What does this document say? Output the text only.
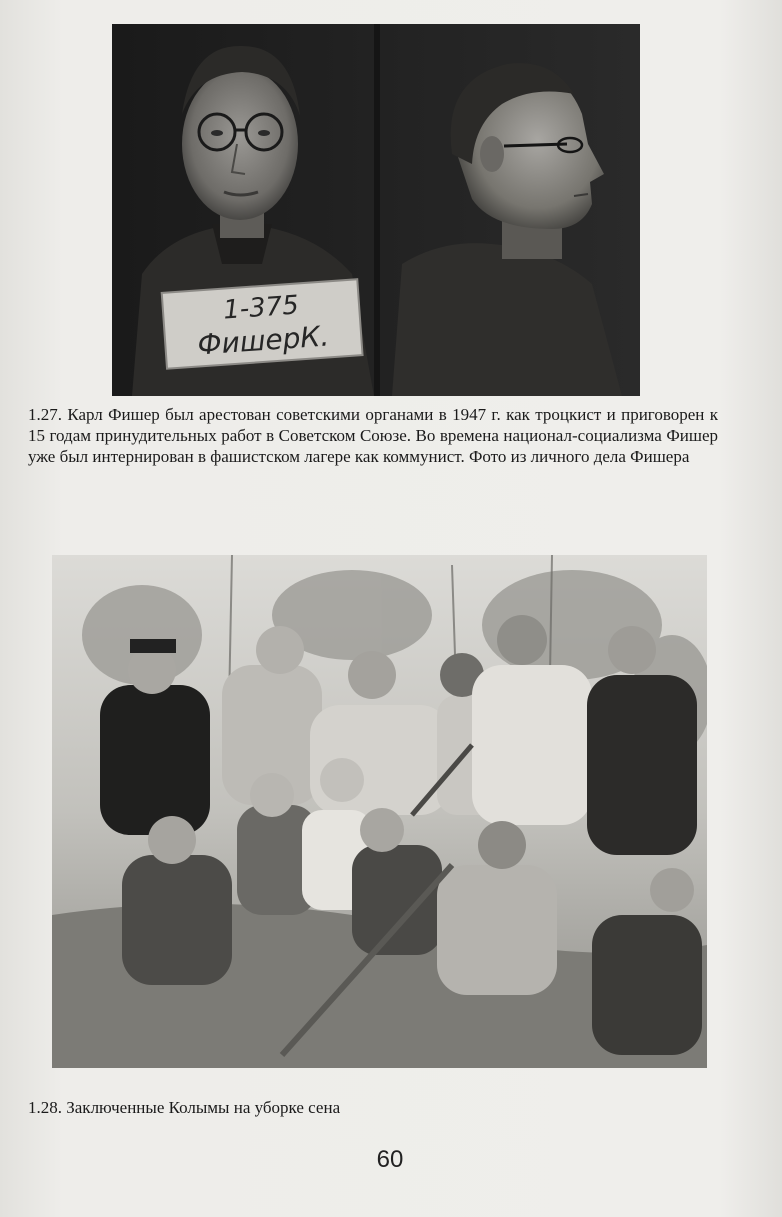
1-375
ФишерК.

1.27. Карл Фишер был арестован советскими органами в 1947 г. как троцкист и приговорен к 15 годам принудительных работ в Советском Союзе. Во времена национал-социализма Фишер уже был интернирован в фашистском лагере как коммунист. Фото из личного дела Фишера

1.28. Заключенные Колымы на уборке сена

60
